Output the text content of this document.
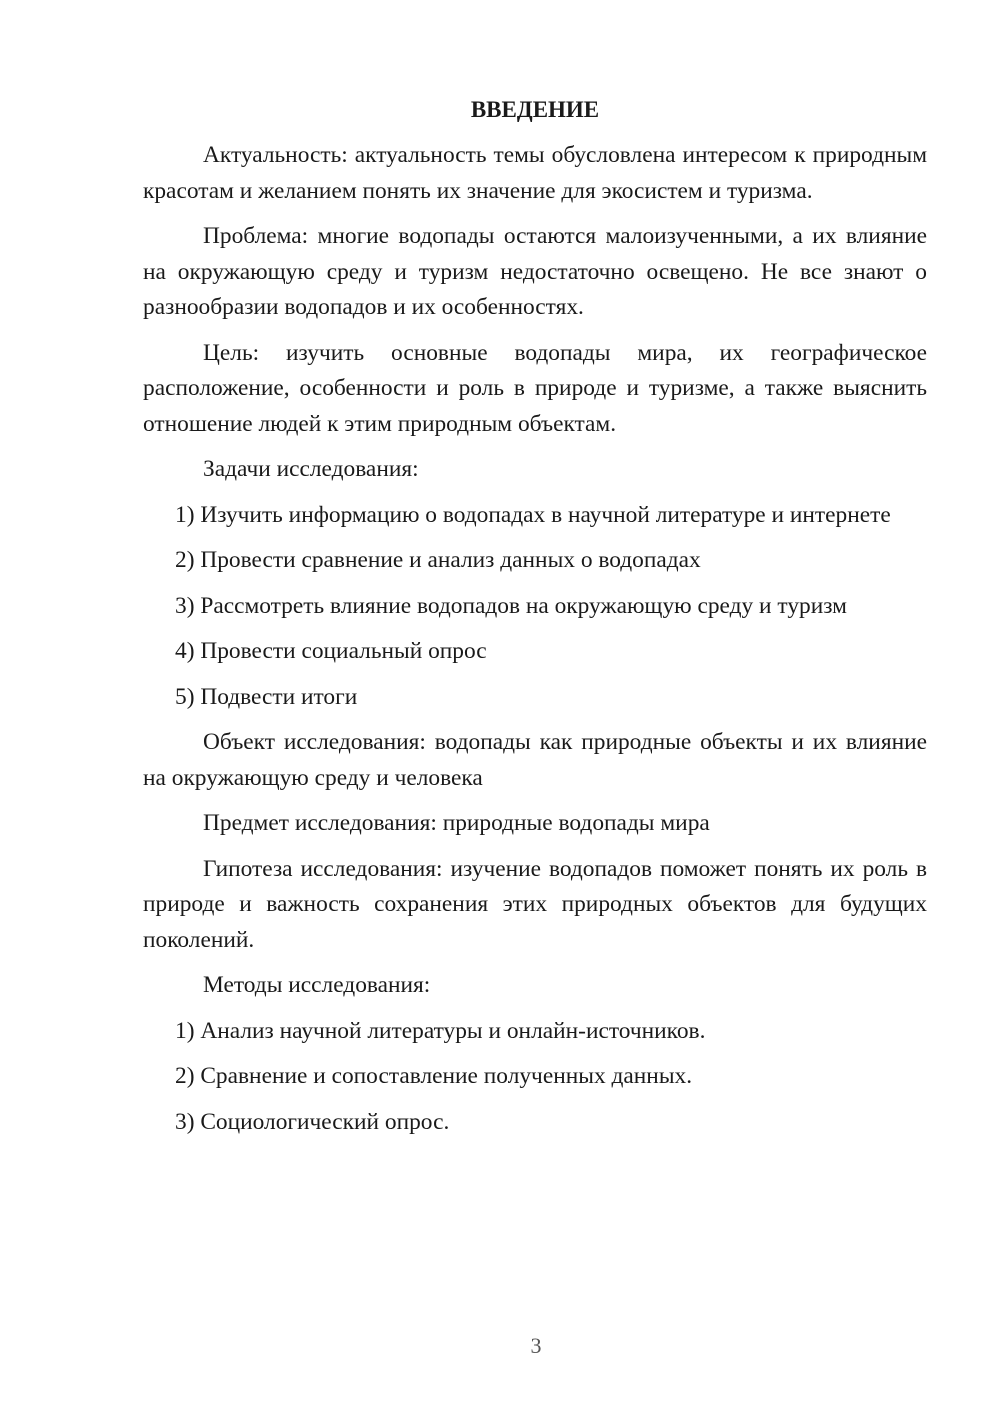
ВВЕДЕНИЕ
Актуальность: актуальность темы обусловлена интересом к природным красотам и желанием понять их значение для экосистем и туризма.
Проблема: многие водопады остаются малоизученными, а их влияние на окружающую среду и туризм недостаточно освещено. Не все знают о разнообразии водопадов и их особенностях.
Цель: изучить основные водопады мира, их географическое расположение, особенности и роль в природе и туризме, а также выяснить отношение людей к этим природным объектам.
Задачи исследования:
1) Изучить информацию о водопадах в научной литературе и интернете
2) Провести сравнение и анализ данных о водопадах
3) Рассмотреть влияние водопадов на окружающую среду и туризм
4) Провести социальный опрос
5) Подвести итоги
Объект исследования: водопады как природные объекты и их влияние на окружающую среду и человека
Предмет исследования: природные водопады мира
Гипотеза исследования: изучение водопадов поможет понять их роль в природе и важность сохранения этих природных объектов для будущих поколений.
Методы исследования:
1) Анализ научной литературы и онлайн-источников.
2) Сравнение и сопоставление полученных данных.
3) Социологический опрос.
3
